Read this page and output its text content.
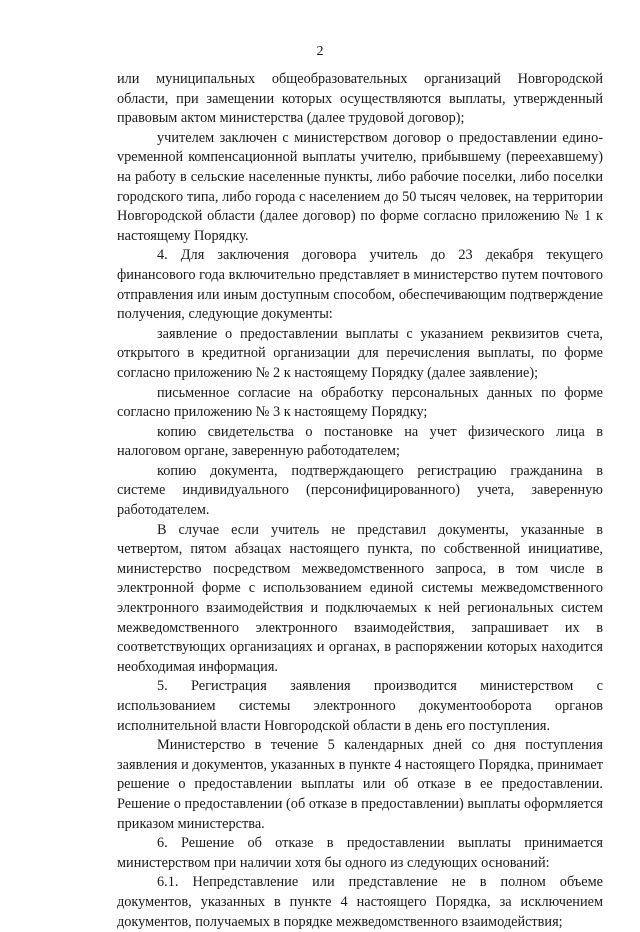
2

или муниципальных общеобразовательных организаций Новгородской области, при замещении которых осуществляются выплаты, утвержденный правовым актом министерства (далее трудовой договор);

учителем заключен с министерством договор о предоставлении единоvременной компенсационной выплаты учителю, прибывшему (переехавшему) на работу в сельские населенные пункты, либо рабочие поселки, либо поселки городского типа, либо города с населением до 50 тысяч человек, на территории Новгородской области (далее договор) по форме согласно приложению № 1 к настоящему Порядку.

4. Для заключения договора учитель до 23 декабря текущего финансового года включительно представляет в министерство путем почтового отправления или иным доступным способом, обеспечивающим подтверждение получения, следующие документы:

заявление о предоставлении выплаты с указанием реквизитов счета, открытого в кредитной организации для перечисления выплаты, по форме согласно приложению № 2 к настоящему Порядку (далее заявление);

письменное согласие на обработку персональных данных по форме согласно приложению № 3 к настоящему Порядку;

копию свидетельства о постановке на учет физического лица в налоговом органе, заверенную работодателем;

копию документа, подтверждающего регистрацию гражданина в системе индивидуального (персонифицированного) учета, заверенную работодателем.

В случае если учитель не представил документы, указанные в четвертом, пятом абзацах настоящего пункта, по собственной инициативе, министерство посредством межведомственного запроса, в том числе в электронной форме с использованием единой системы межведомственного электронного взаимодействия и подключаемых к ней региональных систем межведомственного электронного взаимодействия, запрашивает их в соответствующих организациях и органах, в распоряжении которых находится необходимая информация.

5. Регистрация заявления производится министерством с использованием системы электронного документооборота органов исполнительной власти Новгородской области в день его поступления.

Министерство в течение 5 календарных дней со дня поступления заявления и документов, указанных в пункте 4 настоящего Порядка, принимает решение о предоставлении выплаты или об отказе в ее предоставлении. Решение о предоставлении (об отказе в предоставлении) выплаты оформляется приказом министерства.

6. Решение об отказе в предоставлении выплаты принимается министерством при наличии хотя бы одного из следующих оснований:

6.1. Непредставление или представление не в полном объеме документов, указанных в пункте 4 настоящего Порядка, за исключением документов, получаемых в порядке межведомственного взаимодействия;
